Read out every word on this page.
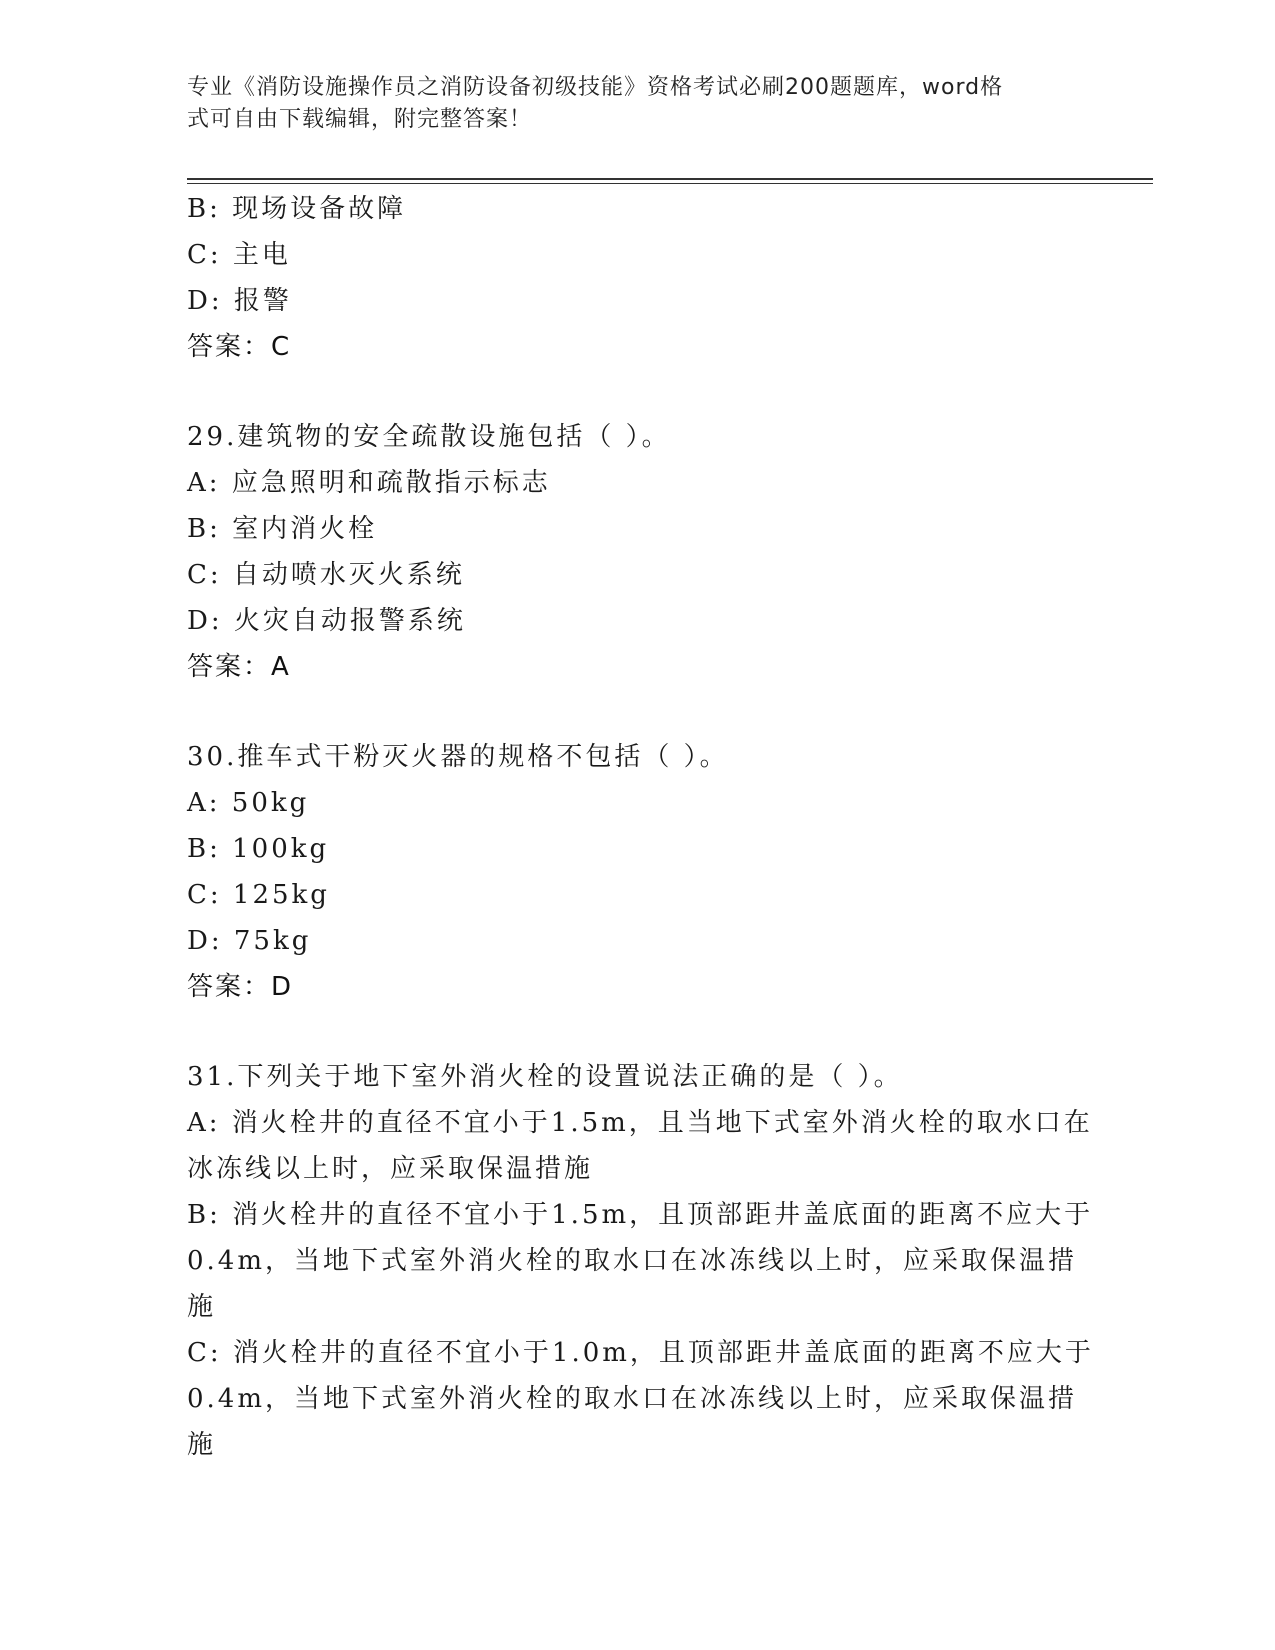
专业《消防设施操作员之消防设备初级技能》资格考试必刷200题题库，word格
式可自由下载编辑，附完整答案！
B: 现场设备故障
C: 主电
D: 报警
答案：C
29.建筑物的安全疏散设施包括（ ）。
A: 应急照明和疏散指示标志
B: 室内消火栓
C: 自动喷水灭火系统
D: 火灾自动报警系统
答案：A
30.推车式干粉灭火器的规格不包括（ ）。
A: 50kg
B: 100kg
C: 125kg
D: 75kg
答案：D
31.下列关于地下室外消火栓的设置说法正确的是（ ）。
A: 消火栓井的直径不宜小于1.5m，且当地下式室外消火栓的取水口在
冰冻线以上时，应采取保温措施
B: 消火栓井的直径不宜小于1.5m，且顶部距井盖底面的距离不应大于
0.4m，当地下式室外消火栓的取水口在冰冻线以上时，应采取保温措
施
C: 消火栓井的直径不宜小于1.0m，且顶部距井盖底面的距离不应大于
0.4m，当地下式室外消火栓的取水口在冰冻线以上时，应采取保温措
施
